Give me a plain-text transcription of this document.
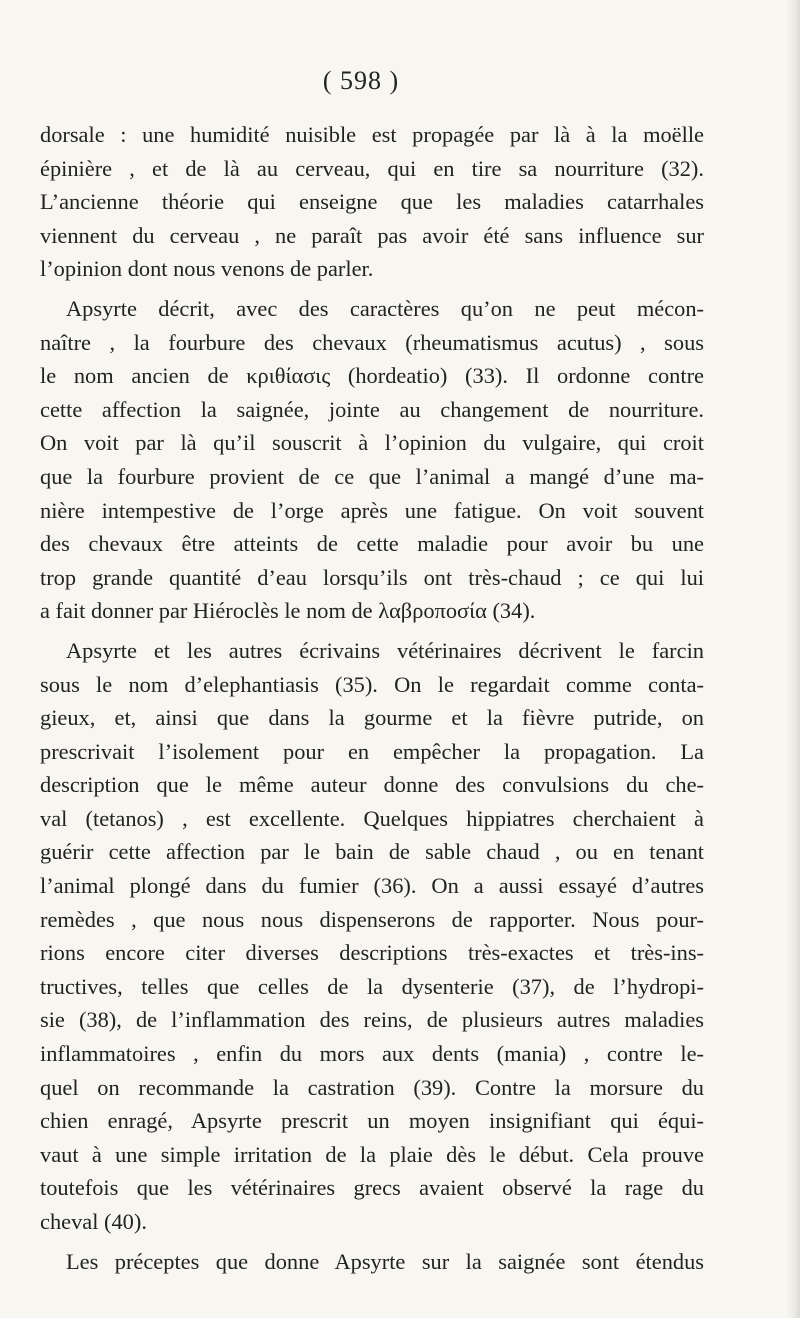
( 598 )
dorsale : une humidité nuisible est propagée par là à la moëlle
épinière , et de là au cerveau, qui en tire sa nourriture (32).
L’ancienne théorie qui enseigne que les maladies catarrhales
viennent du cerveau , ne paraît pas avoir été sans influence sur
l’opinion dont nous venons de parler.
Apsyrte décrit, avec des caractères qu’on ne peut mécon-
naître , la fourbure des chevaux (rheumatismus acutus) , sous
le nom ancien de κριθίασις (hordeatio) (33). Il ordonne contre
cette affection la saignée, jointe au changement de nourriture.
On voit par là qu’il souscrit à l’opinion du vulgaire, qui croit
que la fourbure provient de ce que l’animal a mangé d’une ma-
nière intempestive de l’orge après une fatigue. On voit souvent
des chevaux être atteints de cette maladie pour avoir bu une
trop grande quantité d’eau lorsqu’ils ont très-chaud ; ce qui lui
a fait donner par Hiéroclès le nom de λαβροποσία (34).
Apsyrte et les autres écrivains vétérinaires décrivent le farcin
sous le nom d’elephantiasis (35). On le regardait comme conta-
gieux, et, ainsi que dans la gourme et la fièvre putride, on
prescrivait l’isolement pour en empêcher la propagation. La
description que le même auteur donne des convulsions du che-
val (tetanos) , est excellente. Quelques hippiatres cherchaient à
guérir cette affection par le bain de sable chaud , ou en tenant
l’animal plongé dans du fumier (36). On a aussi essayé d’autres
remèdes , que nous nous dispenserons de rapporter. Nous pour-
rions encore citer diverses descriptions très-exactes et très-ins-
tructives, telles que celles de la dysenterie (37), de l’hydropi-
sie (38), de l’inflammation des reins, de plusieurs autres maladies
inflammatoires , enfin du mors aux dents (mania) , contre le-
quel on recommande la castration (39). Contre la morsure du
chien enragé, Apsyrte prescrit un moyen insignifiant qui équi-
vaut à une simple irritation de la plaie dès le début. Cela prouve
toutefois que les vétérinaires grecs avaient observé la rage du
cheval (40).
Les préceptes que donne Apsyrte sur la saignée sont étendus
